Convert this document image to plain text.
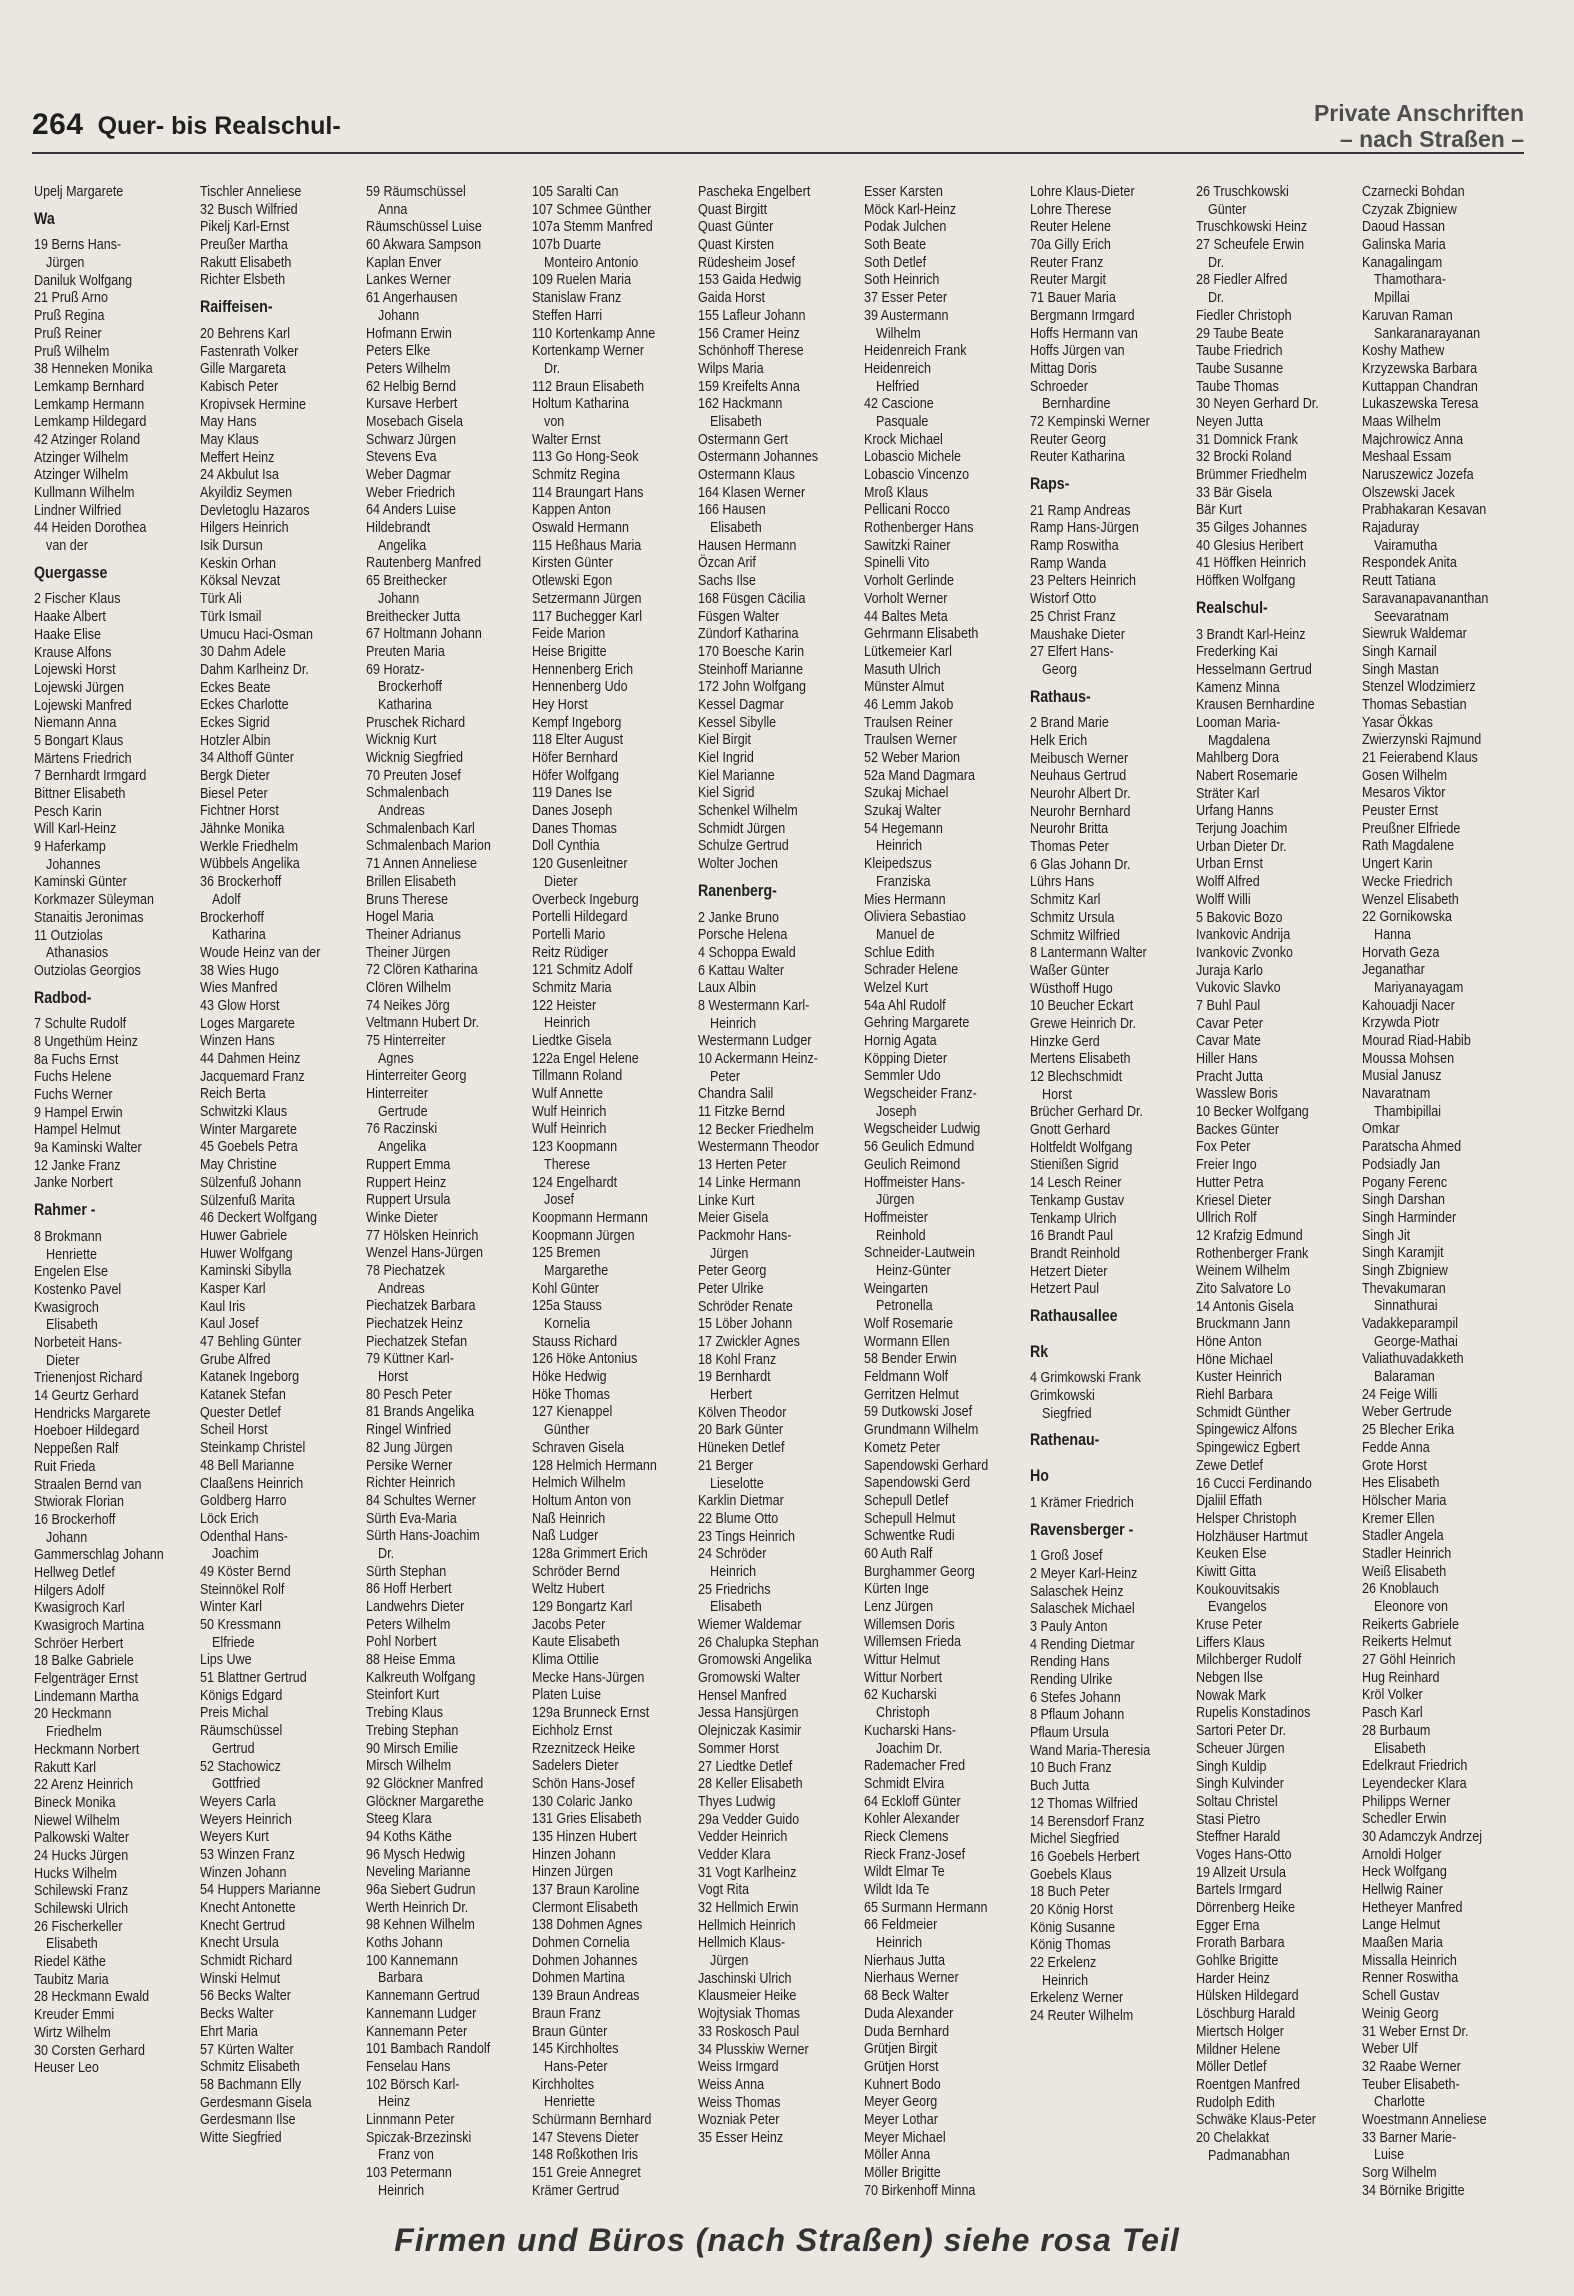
264 Quer- bis Realschul-	Private Anschriften
– nach Straßen –
Upelj Margarete
Wa
19 Berns Hans-
Jürgen
Daniluk Wolfgang
21 Pruß Arno
Pruß Regina
Pruß Reiner
Pruß Wilhelm
38 Henneken Monika
Lemkamp Bernhard
Lemkamp Hermann
Lemkamp Hildegard
42 Atzinger Roland
Atzinger Wilhelm
Atzinger Wilhelm
Kullmann Wilhelm
Lindner Wilfried
44 Heiden Dorothea
van der
Quergasse
2 Fischer Klaus
Haake Albert
Haake Elise
Krause Alfons
Lojewski Horst
Lojewski Jürgen
Lojewski Manfred
Niemann Anna
5 Bongart Klaus
Märtens Friedrich
7 Bernhardt Irmgard
Bittner Elisabeth
Pesch Karin
Will Karl-Heinz
9 Haferkamp
Johannes
Kaminski Günter
Korkmazer Süleyman
Stanaitis Jeronimas
11 Outziolas
Athanasios
Outziolas Georgios
Radbod-
7 Schulte Rudolf
8 Ungethüm Heinz
8a Fuchs Ernst
Fuchs Helene
Fuchs Werner
9 Hampel Erwin
Hampel Helmut
9a Kaminski Walter
12 Janke Franz
Janke Norbert
Rahmer -
8 Brokmann
Henriette
Engelen Else
Kostenko Pavel
Kwasigroch
Elisabeth
Norbeteit Hans-
Dieter
Trienenjost Richard
14 Geurtz Gerhard
Hendricks Margarete
Hoeboer Hildegard
Neppeßen Ralf
Ruit Frieda
Straalen Bernd van
Stwiorak Florian
16 Brockerhoff
Johann
Gammerschlag Johann
Hellweg Detlef
Hilgers Adolf
Kwasigroch Karl
Kwasigroch Martina
Schröer Herbert
18 Balke Gabriele
Felgenträger Ernst
Lindemann Martha
20 Heckmann
Friedhelm
Heckmann Norbert
Rakutt Karl
22 Arenz Heinrich
Bineck Monika
Niewel Wilhelm
Palkowski Walter
24 Hucks Jürgen
Hucks Wilhelm
Schilewski Franz
Schilewski Ulrich
26 Fischerkeller
Elisabeth
Riedel Käthe
Taubitz Maria
28 Heckmann Ewald
Kreuder Emmi
Wirtz Wilhelm
30 Corsten Gerhard
Heuser Leo
Tischler Anneliese
32 Busch Wilfried
Pikelj Karl-Ernst
Preußer Martha
Rakutt Elisabeth
Richter Elsbeth
Raiffeisen-
20 Behrens Karl
Fastenrath Volker
Gille Margareta
Kabisch Peter
Kropivsek Hermine
May Hans
May Klaus
Meffert Heinz
24 Akbulut Isa
Akyildiz Seymen
Devletoglu Hazaros
Hilgers Heinrich
Isik Dursun
Keskin Orhan
Köksal Nevzat
Türk Ali
Türk Ismail
Umucu Haci-Osman
30 Dahm Adele
Dahm Karlheinz Dr.
Eckes Beate
Eckes Charlotte
Eckes Sigrid
Hotzler Albin
34 Althoff Günter
Bergk Dieter
Biesel Peter
Fichtner Horst
Jähnke Monika
Werkle Friedhelm
Wübbels Angelika
36 Brockerhoff
Adolf
Brockerhoff
Katharina
Woude Heinz van der
38 Wies Hugo
Wies Manfred
43 Glow Horst
Loges Margarete
Winzen Hans
44 Dahmen Heinz
Jacquemard Franz
Reich Berta
Schwitzki Klaus
Winter Margarete
45 Goebels Petra
May Christine
Sülzenfuß Johann
Sülzenfuß Marita
46 Deckert Wolfgang
Huwer Gabriele
Huwer Wolfgang
Kaminski Sibylla
Kasper Karl
Kaul Iris
Kaul Josef
47 Behling Günter
Grube Alfred
Katanek Ingeborg
Katanek Stefan
Quester Detlef
Scheil Horst
Steinkamp Christel
48 Bell Marianne
Claaßens Heinrich
Goldberg Harro
Löck Erich
Odenthal Hans-
Joachim
49 Köster Bernd
Steinnökel Rolf
Winter Karl
50 Kressmann
Elfriede
Lips Uwe
51 Blattner Gertrud
Königs Edgard
Preis Michal
Räumschüssel
Gertrud
52 Stachowicz
Gottfried
Weyers Carla
Weyers Heinrich
Weyers Kurt
53 Winzen Franz
Winzen Johann
54 Huppers Marianne
Knecht Antonette
Knecht Gertrud
Knecht Ursula
Schmidt Richard
Winski Helmut
56 Becks Walter
Becks Walter
Ehrt Maria
57 Kürten Walter
Schmitz Elisabeth
58 Bachmann Elly
Gerdesmann Gisela
Gerdesmann Ilse
Witte Siegfried
59 Räumschüssel
Anna
Räumschüssel Luise
60 Akwara Sampson
Kaplan Enver
Lankes Werner
61 Angerhausen
Johann
Hofmann Erwin
Peters Elke
Peters Wilhelm
62 Helbig Bernd
Kursave Herbert
Mosebach Gisela
Schwarz Jürgen
Stevens Eva
Weber Dagmar
Weber Friedrich
64 Anders Luise
Hildebrandt
Angelika
Rautenberg Manfred
65 Breithecker
Johann
Breithecker Jutta
67 Holtmann Johann
Preuten Maria
69 Horatz-
Brockerhoff
Katharina
Pruschek Richard
Wicknig Kurt
Wicknig Siegfried
70 Preuten Josef
Schmalenbach
Andreas
Schmalenbach Karl
Schmalenbach Marion
71 Annen Anneliese
Brillen Elisabeth
Bruns Therese
Hogel Maria
Theiner Adrianus
Theiner Jürgen
72 Clören Katharina
Clören Wilhelm
74 Neikes Jörg
Veltmann Hubert Dr.
75 Hinterreiter
Agnes
Hinterreiter Georg
Hinterreiter
Gertrude
76 Raczinski
Angelika
Ruppert Emma
Ruppert Heinz
Ruppert Ursula
Winke Dieter
77 Hölsken Heinrich
Wenzel Hans-Jürgen
78 Piechatzek
Andreas
Piechatzek Barbara
Piechatzek Heinz
Piechatzek Stefan
79 Küttner Karl-
Horst
80 Pesch Peter
81 Brands Angelika
Ringel Winfried
82 Jung Jürgen
Persike Werner
Richter Heinrich
84 Schultes Werner
Sürth Eva-Maria
Sürth Hans-Joachim
Dr.
Sürth Stephan
86 Hoff Herbert
Landwehrs Dieter
Peters Wilhelm
Pohl Norbert
88 Heise Emma
Kalkreuth Wolfgang
Steinfort Kurt
Trebing Klaus
Trebing Stephan
90 Mirsch Emilie
Mirsch Wilhelm
92 Glöckner Manfred
Glöckner Margarethe
Steeg Klara
94 Koths Käthe
96 Mysch Hedwig
Neveling Marianne
96a Siebert Gudrun
Werth Heinrich Dr.
98 Kehnen Wilhelm
Koths Johann
100 Kannemann
Barbara
Kannemann Gertrud
Kannemann Ludger
Kannemann Peter
101 Bambach Randolf
Fenselau Hans
102 Börsch Karl-
Heinz
Linnmann Peter
Spiczak-Brzezinski
Franz von
103 Petermann
Heinrich
105 Saralti Can
107 Schmee Günther
107a Stemm Manfred
107b Duarte
Monteiro Antonio
109 Ruelen Maria
Stanislaw Franz
Steffen Harri
110 Kortenkamp Anne
Kortenkamp Werner
Dr.
112 Braun Elisabeth
Holtum Katharina
von
Walter Ernst
113 Go Hong-Seok
Schmitz Regina
114 Braungart Hans
Kappen Anton
Oswald Hermann
115 Heßhaus Maria
Kirsten Günter
Otlewski Egon
Setzermann Jürgen
117 Buchegger Karl
Feide Marion
Heise Brigitte
Hennenberg Erich
Hennenberg Udo
Hey Horst
Kempf Ingeborg
118 Elter August
Höfer Bernhard
Höfer Wolfgang
119 Danes Ise
Danes Joseph
Danes Thomas
Doll Cynthia
120 Gusenleitner
Dieter
Overbeck Ingeburg
Portelli Hildegard
Portelli Mario
Reitz Rüdiger
121 Schmitz Adolf
Schmitz Maria
122 Heister
Heinrich
Liedtke Gisela
122a Engel Helene
Tillmann Roland
Wulf Annette
Wulf Heinrich
Wulf Heinrich
123 Koopmann
Therese
124 Engelhardt
Josef
Koopmann Hermann
Koopmann Jürgen
125 Bremen
Margarethe
Kohl Günter
125a Stauss
Kornelia
Stauss Richard
126 Höke Antonius
Höke Hedwig
Höke Thomas
127 Kienappel
Günther
Schraven Gisela
128 Helmich Hermann
Helmich Wilhelm
Holtum Anton von
Naß Heinrich
Naß Ludger
128a Grimmert Erich
Schröder Bernd
Weltz Hubert
129 Bongartz Karl
Jacobs Peter
Kaute Elisabeth
Klima Ottilie
Mecke Hans-Jürgen
Platen Luise
129a Brunneck Ernst
Eichholz Ernst
Rzeznitzeck Heike
Sadelers Dieter
Schön Hans-Josef
130 Colaric Janko
131 Gries Elisabeth
135 Hinzen Hubert
Hinzen Johann
Hinzen Jürgen
137 Braun Karoline
Clermont Elisabeth
138 Dohmen Agnes
Dohmen Cornelia
Dohmen Johannes
Dohmen Martina
139 Braun Andreas
Braun Franz
Braun Günter
145 Kirchholtes
Hans-Peter
Kirchholtes
Henriette
Schürmann Bernhard
147 Stevens Dieter
148 Roßkothen Iris
151 Greie Annegret
Krämer Gertrud
Pascheka Engelbert
Quast Birgitt
Quast Günter
Quast Kirsten
Rüdesheim Josef
153 Gaida Hedwig
Gaida Horst
155 Lafleur Johann
156 Cramer Heinz
Schönhoff Therese
Wilps Maria
159 Kreifelts Anna
162 Hackmann
Elisabeth
Ostermann Gert
Ostermann Johannes
Ostermann Klaus
164 Klasen Werner
166 Hausen
Elisabeth
Hausen Hermann
Özcan Arif
Sachs Ilse
168 Füsgen Cäcilia
Füsgen Walter
Zündorf Katharina
170 Boesche Karin
Steinhoff Marianne
172 John Wolfgang
Kessel Dagmar
Kessel Sibylle
Kiel Birgit
Kiel Ingrid
Kiel Marianne
Kiel Sigrid
Schenkel Wilhelm
Schmidt Jürgen
Schulze Gertrud
Wolter Jochen
Ranenberg-
2 Janke Bruno
Porsche Helena
4 Schoppa Ewald
6 Kattau Walter
Laux Albin
8 Westermann Karl-
Heinrich
Westermann Ludger
10 Ackermann Heinz-
Peter
Chandra Salil
11 Fitzke Bernd
12 Becker Friedhelm
Westermann Theodor
13 Herten Peter
14 Linke Hermann
Linke Kurt
Meier Gisela
Packmohr Hans-
Jürgen
Peter Georg
Peter Ulrike
Schröder Renate
15 Löber Johann
17 Zwickler Agnes
18 Kohl Franz
19 Bernhardt
Herbert
Kölven Theodor
20 Bark Günter
Hüneken Detlef
21 Berger
Lieselotte
Karklin Dietmar
22 Blume Otto
23 Tings Heinrich
24 Schröder
Heinrich
25 Friedrichs
Elisabeth
Wiemer Waldemar
26 Chalupka Stephan
Gromowski Angelika
Gromowski Walter
Hensel Manfred
Jessa Hansjürgen
Olejniczak Kasimir
Sommer Horst
27 Liedtke Detlef
28 Keller Elisabeth
Thyes Ludwig
29a Vedder Guido
Vedder Heinrich
Vedder Klara
31 Vogt Karlheinz
Vogt Rita
32 Hellmich Erwin
Hellmich Heinrich
Hellmich Klaus-
Jürgen
Jaschinski Ulrich
Klausmeier Heike
Wojtysiak Thomas
33 Roskosch Paul
34 Plusskiw Werner
Weiss Irmgard
Weiss Anna
Weiss Thomas
Wozniak Peter
35 Esser Heinz
Esser Karsten
Möck Karl-Heinz
Podak Julchen
Soth Beate
Soth Detlef
Soth Heinrich
37 Esser Peter
39 Austermann
Wilhelm
Heidenreich Frank
Heidenreich
Helfried
42 Cascione
Pasquale
Krock Michael
Lobascio Michele
Lobascio Vincenzo
Mroß Klaus
Pellicani Rocco
Rothenberger Hans
Sawitzki Rainer
Spinelli Vito
Vorholt Gerlinde
Vorholt Werner
44 Baltes Meta
Gehrmann Elisabeth
Lütkemeier Karl
Masuth Ulrich
Münster Almut
46 Lemm Jakob
Traulsen Reiner
Traulsen Werner
52 Weber Marion
52a Mand Dagmara
Szukaj Michael
Szukaj Walter
54 Hegemann
Heinrich
Kleipedszus
Franziska
Mies Hermann
Oliviera Sebastiao
Manuel de
Schlue Edith
Schrader Helene
Welzel Kurt
54a Ahl Rudolf
Gehring Margarete
Hornig Agata
Köpping Dieter
Semmler Udo
Wegscheider Franz-
Joseph
Wegscheider Ludwig
56 Geulich Edmund
Geulich Reimond
Hoffmeister Hans-
Jürgen
Hoffmeister
Reinhold
Schneider-Lautwein
Heinz-Günter
Weingarten
Petronella
Wolf Rosemarie
Wormann Ellen
58 Bender Erwin
Feldmann Wolf
Gerritzen Helmut
59 Dutkowski Josef
Grundmann Wilhelm
Kometz Peter
Sapendowski Gerhard
Sapendowski Gerd
Schepull Detlef
Schepull Helmut
Schwentke Rudi
60 Auth Ralf
Burghammer Georg
Kürten Inge
Lenz Jürgen
Willemsen Doris
Willemsen Frieda
Wittur Helmut
Wittur Norbert
62 Kucharski
Christoph
Kucharski Hans-
Joachim Dr.
Rademacher Fred
Schmidt Elvira
64 Eckloff Günter
Kohler Alexander
Rieck Clemens
Rieck Franz-Josef
Wildt Elmar Te
Wildt Ida Te
65 Surmann Hermann
66 Feldmeier
Heinrich
Nierhaus Jutta
Nierhaus Werner
68 Beck Walter
Duda Alexander
Duda Bernhard
Grütjen Birgit
Grütjen Horst
Kuhnert Bodo
Meyer Georg
Meyer Lothar
Meyer Michael
Möller Anna
Möller Brigitte
70 Birkenhoff Minna
Lohre Klaus-Dieter
Lohre Therese
Reuter Helene
70a Gilly Erich
Reuter Franz
Reuter Margit
71 Bauer Maria
Bergmann Irmgard
Hoffs Hermann van
Hoffs Jürgen van
Mittag Doris
Schroeder
Bernhardine
72 Kempinski Werner
Reuter Georg
Reuter Katharina
Raps-
21 Ramp Andreas
Ramp Hans-Jürgen
Ramp Roswitha
Ramp Wanda
23 Pelters Heinrich
Wistorf Otto
25 Christ Franz
Maushake Dieter
27 Elfert Hans-
Georg
Rathaus-
2 Brand Marie
Helk Erich
Meibusch Werner
Neuhaus Gertrud
Neurohr Albert Dr.
Neurohr Bernhard
Neurohr Britta
Thomas Peter
6 Glas Johann Dr.
Lührs Hans
Schmitz Karl
Schmitz Ursula
Schmitz Wilfried
8 Lantermann Walter
Waßer Günter
Wüsthoff Hugo
10 Beucher Eckart
Grewe Heinrich Dr.
Hinzke Gerd
Mertens Elisabeth
12 Blechschmidt
Horst
Brücher Gerhard Dr.
Gnott Gerhard
Holtfeldt Wolfgang
Stienißen Sigrid
14 Lesch Reiner
Tenkamp Gustav
Tenkamp Ulrich
16 Brandt Paul
Brandt Reinhold
Hetzert Dieter
Hetzert Paul
Rathausallee
Rk
4 Grimkowski Frank
Grimkowski
Siegfried
Rathenau-
Ho
1 Krämer Friedrich
Ravensberger -
1 Groß Josef
2 Meyer Karl-Heinz
Salaschek Heinz
Salaschek Michael
3 Pauly Anton
4 Rending Dietmar
Rending Hans
Rending Ulrike
6 Stefes Johann
8 Pflaum Johann
Pflaum Ursula
Wand Maria-Theresia
10 Buch Franz
Buch Jutta
12 Thomas Wilfried
14 Berensdorf Franz
Michel Siegfried
16 Goebels Herbert
Goebels Klaus
18 Buch Peter
20 König Horst
König Susanne
König Thomas
22 Erkelenz
Heinrich
Erkelenz Werner
24 Reuter Wilhelm
26 Truschkowski
Günter
Truschkowski Heinz
27 Scheufele Erwin
Dr.
28 Fiedler Alfred
Dr.
Fiedler Christoph
29 Taube Beate
Taube Friedrich
Taube Susanne
Taube Thomas
30 Neyen Gerhard Dr.
Neyen Jutta
31 Domnick Frank
32 Brocki Roland
Brümmer Friedhelm
33 Bär Gisela
Bär Kurt
35 Gilges Johannes
40 Glesius Heribert
41 Höffken Heinrich
Höffken Wolfgang
Realschul-
3 Brandt Karl-Heinz
Frederking Kai
Hesselmann Gertrud
Kamenz Minna
Krausen Bernhardine
Looman Maria-
Magdalena
Mahlberg Dora
Nabert Rosemarie
Sträter Karl
Urfang Hanns
Terjung Joachim
Urban Dieter Dr.
Urban Ernst
Wolff Alfred
Wolff Willi
5 Bakovic Bozo
Ivankovic Andrija
Ivankovic Zvonko
Juraja Karlo
Vukovic Slavko
7 Buhl Paul
Cavar Peter
Cavar Mate
Hiller Hans
Pracht Jutta
Wasslew Boris
10 Becker Wolfgang
Backes Günter
Fox Peter
Freier Ingo
Hutter Petra
Kriesel Dieter
Ullrich Rolf
12 Krafzig Edmund
Rothenberger Frank
Weinem Wilhelm
Zito Salvatore Lo
14 Antonis Gisela
Bruckmann Jann
Höne Anton
Höne Michael
Kuster Heinrich
Riehl Barbara
Schmidt Günther
Spingewicz Alfons
Spingewicz Egbert
Zewe Detlef
16 Cucci Ferdinando
Djaliil Effath
Helsper Christoph
Holzhäuser Hartmut
Keuken Else
Kiwitt Gitta
Koukouvitsakis
Evangelos
Kruse Peter
Liffers Klaus
Milchberger Rudolf
Nebgen Ilse
Nowak Mark
Rupelis Konstadinos
Sartori Peter Dr.
Scheuer Jürgen
Singh Kuldip
Singh Kulvinder
Soltau Christel
Stasi Pietro
Steffner Harald
Voges Hans-Otto
19 Allzeit Ursula
Bartels Irmgard
Dörrenberg Heike
Egger Erna
Frorath Barbara
Gohlke Brigitte
Harder Heinz
Hülsken Hildegard
Löschburg Harald
Miertsch Holger
Mildner Helene
Möller Detlef
Roentgen Manfred
Rudolph Edith
Schwäke Klaus-Peter
20 Chelakkat
Padmanabhan
Czarnecki Bohdan
Czyzak Zbigniew
Daoud Hassan
Galinska Maria
Kanagalingam
Thamothara-
Mpillai
Karuvan Raman
Sankaranarayanan
Koshy Mathew
Krzyzewska Barbara
Kuttappan Chandran
Lukaszewska Teresa
Maas Wilhelm
Majchrowicz Anna
Meshaal Essam
Naruszewicz Jozefa
Olszewski Jacek
Prabhakaran Kesavan
Rajaduray
Vairamutha
Respondek Anita
Reutt Tatiana
Saravanapavananthan
Seevaratnam
Siewruk Waldemar
Singh Karnail
Singh Mastan
Stenzel Wlodzimierz
Thomas Sebastian
Yasar Ökkas
Zwierzynski Rajmund
21 Feierabend Klaus
Gosen Wilhelm
Mesaros Viktor
Peuster Ernst
Preußner Elfriede
Rath Magdalene
Ungert Karin
Wecke Friedrich
Wenzel Elisabeth
22 Gornikowska
Hanna
Horvath Geza
Jeganathar
Mariyanayagam
Kahouadji Nacer
Krzywda Piotr
Mourad Riad-Habib
Moussa Mohsen
Musial Janusz
Navaratnam
Thambipillai
Omkar
Paratscha Ahmed
Podsiadly Jan
Pogany Ferenc
Singh Darshan
Singh Harminder
Singh Jit
Singh Karamjit
Singh Zbigniew
Thevakumaran
Sinnathurai
Vadakkeparampil
George-Mathai
Valiathuvadakketh
Balaraman
24 Feige Willi
Weber Gertrude
25 Blecher Erika
Fedde Anna
Grote Horst
Hes Elisabeth
Hölscher Maria
Kremer Ellen
Stadler Angela
Stadler Heinrich
Weiß Elisabeth
26 Knoblauch
Eleonore von
Reikerts Gabriele
Reikerts Helmut
27 Göhl Heinrich
Hug Reinhard
Kröl Volker
Pasch Karl
28 Burbaum
Elisabeth
Edelkraut Friedrich
Leyendecker Klara
Philipps Werner
Schedler Erwin
30 Adamczyk Andrzej
Arnoldi Holger
Heck Wolfgang
Hellwig Rainer
Hetheyer Manfred
Lange Helmut
Maaßen Maria
Missalla Heinrich
Renner Roswitha
Schell Gustav
Weinig Georg
31 Weber Ernst Dr.
Weber Ulf
32 Raabe Werner
Teuber Elisabeth-
Charlotte
Woestmann Anneliese
33 Barner Marie-
Luise
Sorg Wilhelm
34 Börnike Brigitte
Firmen und Büros (nach Straßen) siehe rosa Teil
